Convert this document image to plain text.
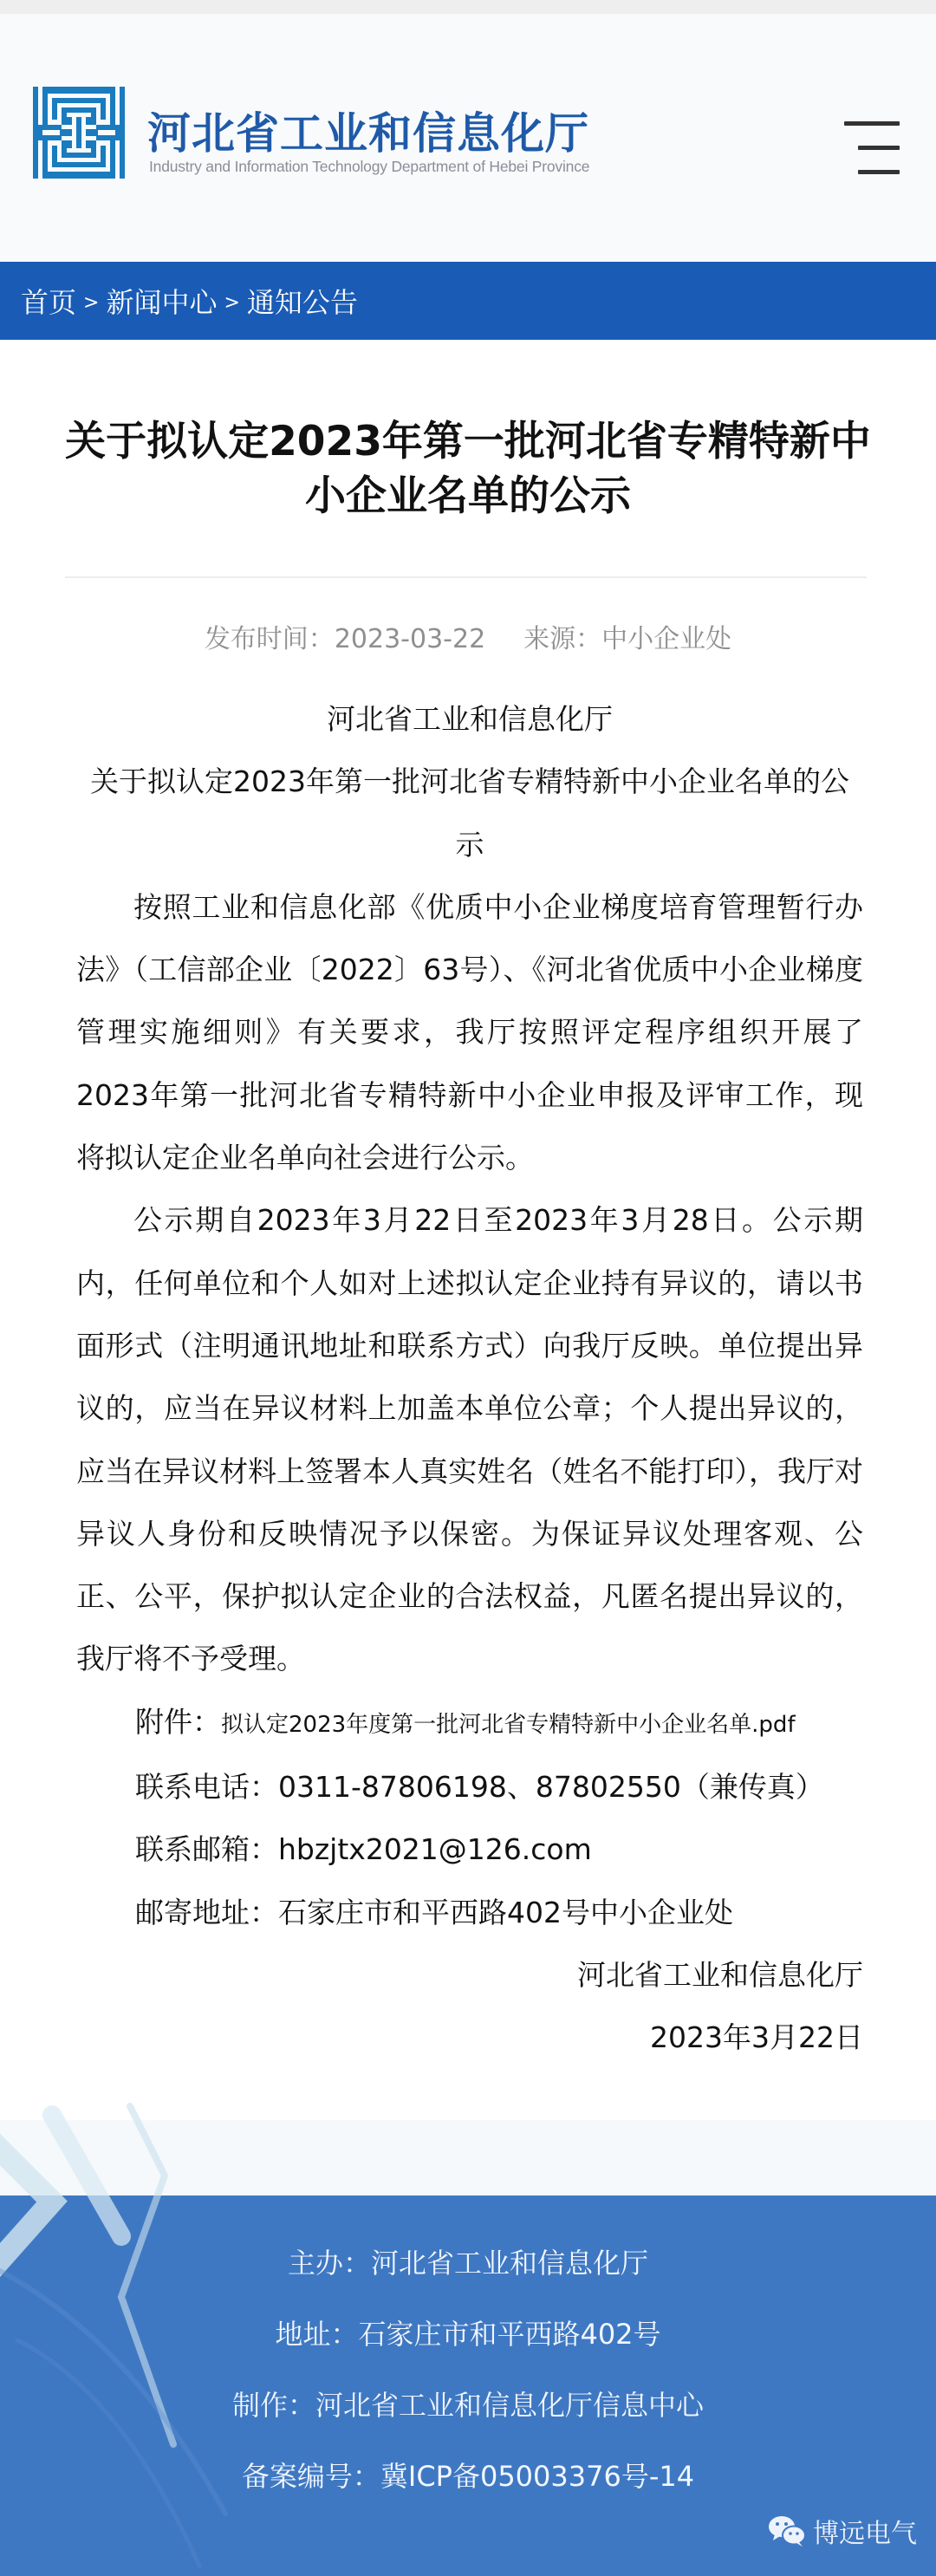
河北省工业和信息化厅
Industry and Information Technology Department of Hebei Province
首页 > 新闻中心 > 通知公告
关于拟认定2023年第一批河北省专精特新中小企业名单的公示
发布时间：2023-03-22 来源：中小企业处

河北省工业和信息化厅

关于拟认定2023年第一批河北省专精特新中小企业名单的公示

按照工业和信息化部《优质中小企业梯度培育管理暂行办法》（工信部企业〔2022〕63号）、《河北省优质中小企业梯度管理实施细则》有关要求，我厅按照评定程序组织开展了2023年第一批河北省专精特新中小企业申报及评审工作，现将拟认定企业名单向社会进行公示。

公示期自2023年3月22日至2023年3月28日。公示期内，任何单位和个人如对上述拟认定企业持有异议的，请以书面形式（注明通讯地址和联系方式）向我厅反映。单位提出异议的，应当在异议材料上加盖本单位公章；个人提出异议的，应当在异议材料上签署本人真实姓名（姓名不能打印），我厅对异议人身份和反映情况予以保密。为保证异议处理客观、公正、公平，保护拟认定企业的合法权益，凡匿名提出异议的，我厅将不予受理。

附件：拟认定2023年度第一批河北省专精特新中小企业名单.pdf

联系电话：0311-87806198、87802550（兼传真）

联系邮箱：hbzjtx2021@126.com

邮寄地址：石家庄市和平西路402号中小企业处

河北省工业和信息化厅

2023年3月22日

主办：河北省工业和信息化厅
地址：石家庄市和平西路402号
制作：河北省工业和信息化厅信息中心
备案编号：冀ICP备05003376号-14
博远电气
